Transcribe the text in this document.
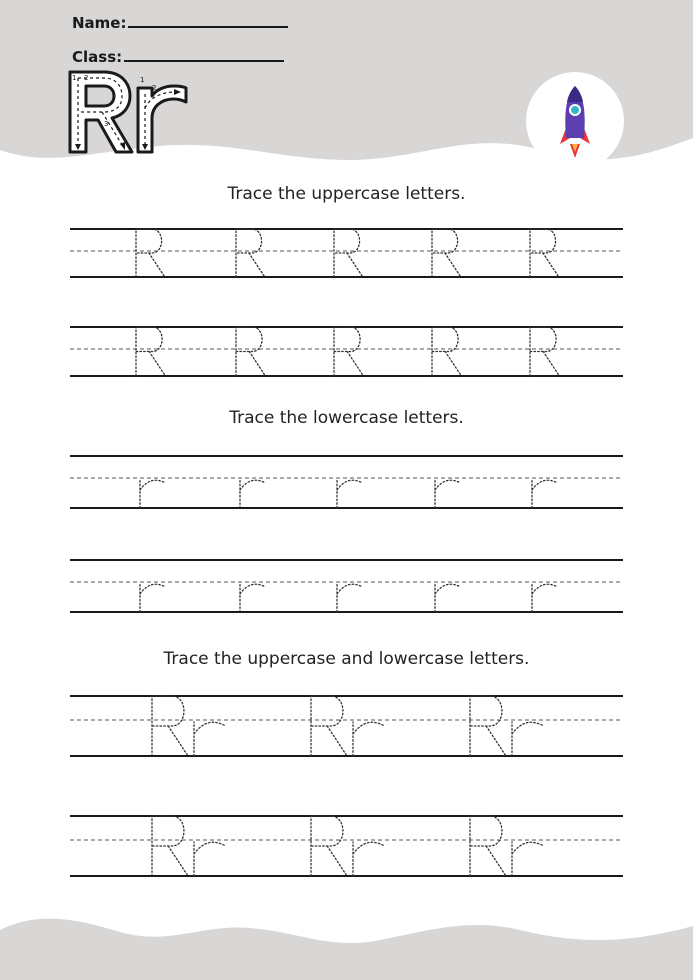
Name:
Class:
1 2
3
1
2
Trace the uppercase letters.
Trace the lowercase letters.
Trace the uppercase and lowercase letters.
